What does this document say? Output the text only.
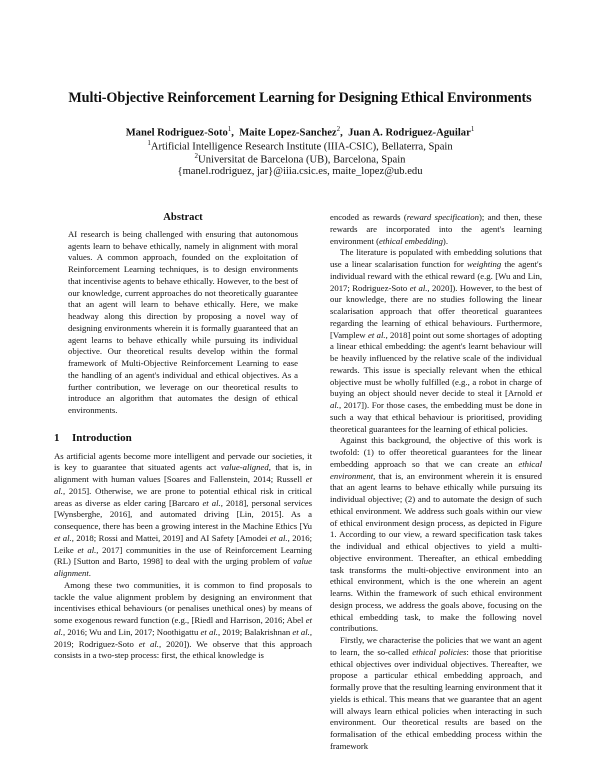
Multi-Objective Reinforcement Learning for Designing Ethical Environments
Manel Rodriguez-Soto$^1$, Maite Lopez-Sanchez$^2$, Juan A. Rodriguez-Aguilar$^1$
$^1$Artificial Intelligence Research Institute (IIIA-CSIC), Bellaterra, Spain
$^2$Universitat de Barcelona (UB), Barcelona, Spain
{manel.rodriguez, jar}@iiia.csic.es, maite_lopez@ub.edu
Abstract
AI research is being challenged with ensuring that autonomous agents learn to behave ethically, namely in alignment with moral values. A common approach, founded on the exploitation of Reinforcement Learning techniques, is to design environments that incentivise agents to behave ethically. However, to the best of our knowledge, current approaches do not theoretically guarantee that an agent will learn to behave ethically. Here, we make headway along this direction by proposing a novel way of designing environments wherein it is formally guaranteed that an agent learns to behave ethically while pursuing its individual objective. Our theoretical results develop within the formal framework of Multi-Objective Reinforcement Learning to ease the handling of an agent's individual and ethical objectives. As a further contribution, we leverage on our theoretical results to introduce an algorithm that automates the design of ethical environments.
1 Introduction

As artificial agents become more intelligent and pervade our societies, it is key to guarantee that situated agents act value-aligned, that is, in alignment with human values [Soares and Fallenstein, 2014; Russell et al., 2015]. Otherwise, we are prone to potential ethical risk in critical areas as diverse as elder caring [Barcaro et al., 2018], personal services [Wynsberghe, 2016], and automated driving [Lin, 2015]. As a consequence, there has been a growing interest in the Machine Ethics [Yu et al., 2018; Rossi and Mattei, 2019] and AI Safety [Amodei et al., 2016; Leike et al., 2017] communities in the use of Reinforcement Learning (RL) [Sutton and Barto, 1998] to deal with the urging problem of value alignment.

Among these two communities, it is common to find proposals to tackle the value alignment problem by designing an environment that incentivises ethical behaviours (or penalises unethical ones) by means of some exogenous reward function (e.g., [Riedl and Harrison, 2016; Abel et al., 2016; Wu and Lin, 2017; Noothigattu et al., 2019; Balakrishnan et al., 2019; Rodriguez-Soto et al., 2020]). We observe that this approach consists in a two-step process: first, the ethical knowledge is

encoded as rewards (reward specification); and then, these rewards are incorporated into the agent's learning environment (ethical embedding).

The literature is populated with embedding solutions that use a linear scalarisation function for weighting the agent's individual reward with the ethical reward (e.g. [Wu and Lin, 2017; Rodriguez-Soto et al., 2020]). However, to the best of our knowledge, there are no studies following the linear scalarisation approach that offer theoretical guarantees regarding the learning of ethical behaviours. Furthermore, [Vamplew et al., 2018] point out some shortages of adopting a linear ethical embedding: the agent's learnt behaviour will be heavily influenced by the relative scale of the individual rewards. This issue is specially relevant when the ethical objective must be wholly fulfilled (e.g., a robot in charge of buying an object should never decide to steal it [Arnold et al., 2017]). For those cases, the embedding must be done in such a way that ethical behaviour is prioritised, providing theoretical guarantees for the learning of ethical policies.

Against this background, the objective of this work is twofold: (1) to offer theoretical guarantees for the linear embedding approach so that we can create an ethical environment, that is, an environment wherein it is ensured that an agent learns to behave ethically while pursuing its individual objective; (2) and to automate the design of such ethical environment. We address such goals within our view of ethical environment design process, as depicted in Figure 1. According to our view, a reward specification task takes the individual and ethical objectives to yield a multi-objective environment. Thereafter, an ethical embedding task transforms the multi-objective environment into an ethical environment, which is the one wherein an agent learns. Within the framework of such ethical environment design process, we address the goals above, focusing on the ethical embedding task, to make the following novel contributions.

Firstly, we characterise the policies that we want an agent to learn, the so-called ethical policies: those that prioritise ethical objectives over individual objectives. Thereafter, we propose a particular ethical embedding approach, and formally prove that the resulting learning environment that it yields is ethical. This means that we guarantee that an agent will always learn ethical policies when interacting in such environment. Our theoretical results are based on the formalisation of the ethical embedding process within the framework
